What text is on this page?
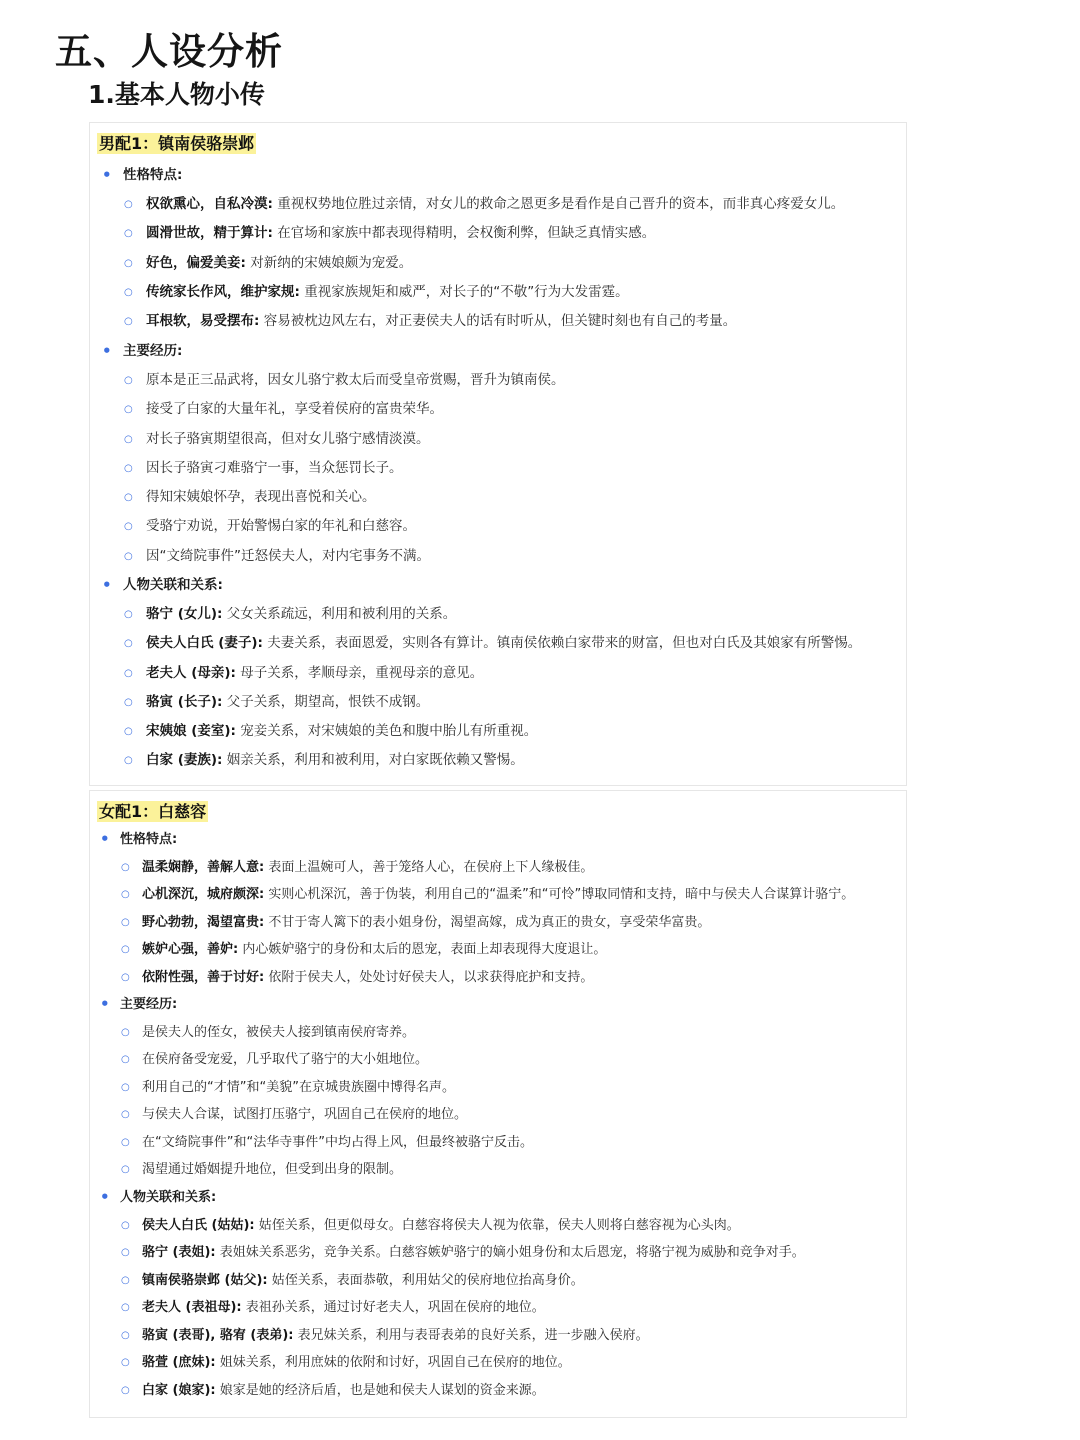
五、人设分析
1.基本人物小传
男配1：镇南侯骆崇邺
• 性格特点:
○ 权欲熏心，自私冷漠: 重视权势地位胜过亲情，对女儿的救命之恩更多是看作是自己晋升的资本，而非真心疼爱女儿。
○ 圆滑世故，精于算计: 在官场和家族中都表现得精明，会权衡利弊，但缺乏真情实感。
○ 好色，偏爱美妾: 对新纳的宋姨娘颇为宠爱。
○ 传统家长作风，维护家规: 重视家族规矩和威严，对长子的“不敬”行为大发雷霆。
○ 耳根软，易受摆布: 容易被枕边风左右，对正妻侯夫人的话有时听从，但关键时刻也有自己的考量。
• 主要经历:
○ 原本是正三品武将，因女儿骆宁救太后而受皇帝赏赐，晋升为镇南侯。
○ 接受了白家的大量年礼，享受着侯府的富贵荣华。
○ 对长子骆寅期望很高，但对女儿骆宁感情淡漠。
○ 因长子骆寅刁难骆宁一事，当众惩罚长子。
○ 得知宋姨娘怀孕，表现出喜悦和关心。
○ 受骆宁劝说，开始警惕白家的年礼和白慈容。
○ 因“文绮院事件”迁怒侯夫人，对内宅事务不满。
• 人物关联和关系:
○ 骆宁 (女儿): 父女关系疏远，利用和被利用的关系。
○ 侯夫人白氏 (妻子): 夫妻关系，表面恩爱，实则各有算计。镇南侯依赖白家带来的财富，但也对白氏及其娘家有所警惕。
○ 老夫人 (母亲): 母子关系，孝顺母亲，重视母亲的意见。
○ 骆寅 (长子): 父子关系，期望高，恨铁不成钢。
○ 宋姨娘 (妾室): 宠妾关系，对宋姨娘的美色和腹中胎儿有所重视。
○ 白家 (妻族): 姻亲关系，利用和被利用，对白家既依赖又警惕。
女配1：白慈容
• 性格特点:
○ 温柔娴静，善解人意: 表面上温婉可人，善于笼络人心，在侯府上下人缘极佳。
○ 心机深沉，城府颇深: 实则心机深沉，善于伪装，利用自己的“温柔”和“可怜”博取同情和支持，暗中与侯夫人合谋算计骆宁。
○ 野心勃勃，渴望富贵: 不甘于寄人篱下的表小姐身份，渴望高嫁，成为真正的贵女，享受荣华富贵。
○ 嫉妒心强，善妒: 内心嫉妒骆宁的身份和太后的恩宠，表面上却表现得大度退让。
○ 依附性强，善于讨好: 依附于侯夫人，处处讨好侯夫人，以求获得庇护和支持。
• 主要经历:
○ 是侯夫人的侄女，被侯夫人接到镇南侯府寄养。
○ 在侯府备受宠爱，几乎取代了骆宁的大小姐地位。
○ 利用自己的“才情”和“美貌”在京城贵族圈中博得名声。
○ 与侯夫人合谋，试图打压骆宁，巩固自己在侯府的地位。
○ 在“文绮院事件”和“法华寺事件”中均占得上风，但最终被骆宁反击。
○ 渴望通过婚姻提升地位，但受到出身的限制。
• 人物关联和关系:
○ 侯夫人白氏 (姑姑): 姑侄关系，但更似母女。白慈容将侯夫人视为依靠，侯夫人则将白慈容视为心头肉。
○ 骆宁 (表姐): 表姐妹关系恶劣，竞争关系。白慈容嫉妒骆宁的嫡小姐身份和太后恩宠，将骆宁视为威胁和竞争对手。
○ 镇南侯骆崇邺 (姑父): 姑侄关系，表面恭敬，利用姑父的侯府地位抬高身价。
○ 老夫人 (表祖母): 表祖孙关系，通过讨好老夫人，巩固在侯府的地位。
○ 骆寅 (表哥), 骆宥 (表弟): 表兄妹关系，利用与表哥表弟的良好关系，进一步融入侯府。
○ 骆萱 (庶妹): 姐妹关系，利用庶妹的依附和讨好，巩固自己在侯府的地位。
○ 白家 (娘家): 娘家是她的经济后盾，也是她和侯夫人谋划的资金来源。
